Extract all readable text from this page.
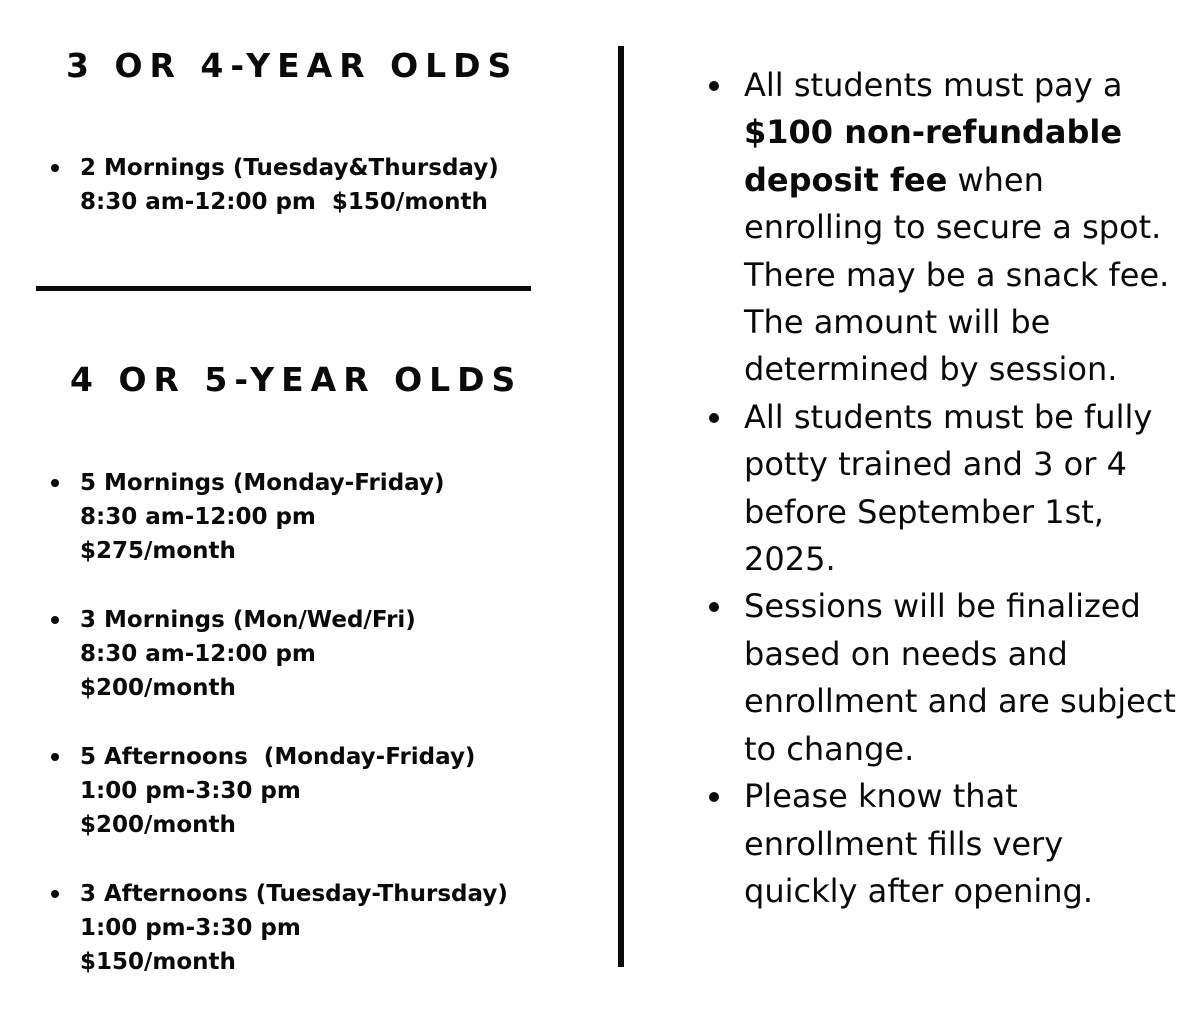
3 OR 4-YEAR OLDS
2 Mornings (Tuesday&Thursday)
8:30 am-12:00 pm  $150/month
4 OR 5-YEAR OLDS
5 Mornings (Monday-Friday)
8:30 am-12:00 pm
$275/month
3 Mornings (Mon/Wed/Fri)
8:30 am-12:00 pm
$200/month
5 Afternoons  (Monday-Friday)
1:00 pm-3:30 pm
$200/month
3 Afternoons (Tuesday-Thursday)
1:00 pm-3:30 pm
$150/month
All students must pay a $100 non-refundable deposit fee when enrolling to secure a spot. There may be a snack fee. The amount will be determined by session.
All students must be fully potty trained and 3 or 4 before September 1st, 2025.
Sessions will be finalized based on needs and enrollment and are subject to change.
Please know that enrollment fills very quickly after opening.
